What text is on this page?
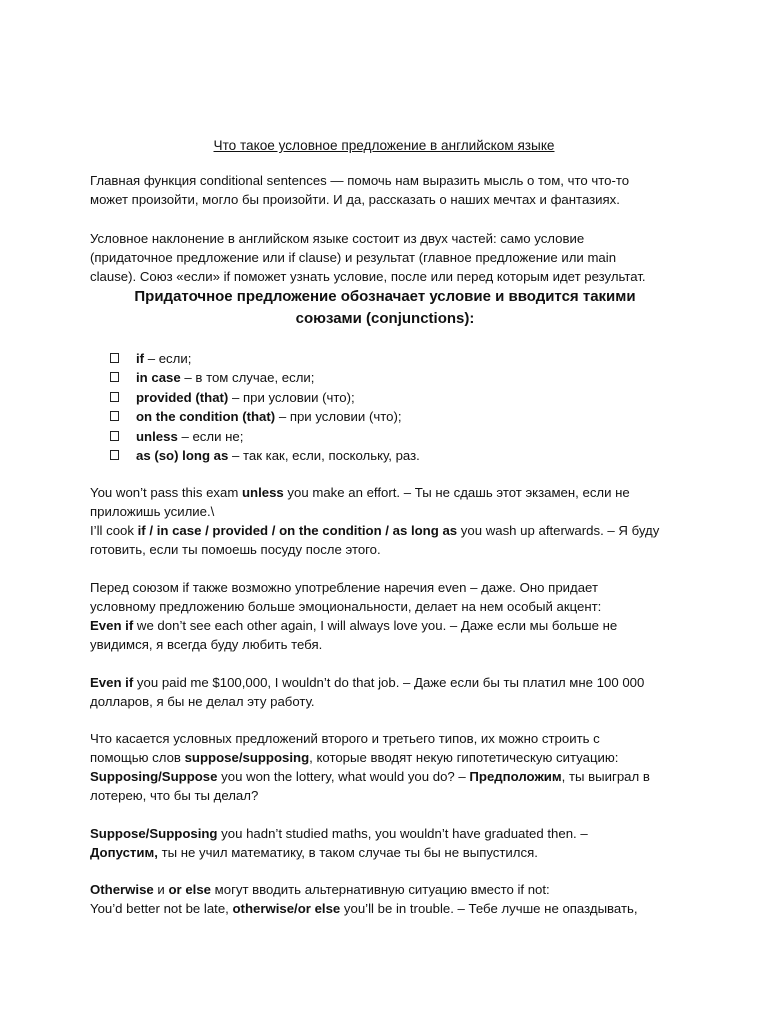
Что такое условное предложение в английском языке

Главная функция conditional sentences — помочь нам выразить мысль о том, что что-то
может произойти, могло бы произойти. И да, рассказать о наших мечтах и фантазиях.

Условное наклонение в английском языке состоит из двух частей: само условие
(придаточное предложение или if clause) и результат (главное предложение или main
clause). Союз «если» if поможет узнать условие, после или перед которым идет результат.

Придаточное предложение обозначает условие и вводится такими
союзами (conjunctions):

if – если;
in case – в том случае, если;
provided (that) – при условии (что);
on the condition (that) – при условии (что);
unless – если не;
as (so) long as – так как, если, поскольку, раз.

You won’t pass this exam unless you make an effort. – Ты не сдашь этот экзамен, если не
приложишь усилие.\
I’ll cook if / in case / provided / on the condition / as long as you wash up afterwards. – Я буду
готовить, если ты помоешь посуду после этого.

Перед союзом if также возможно употребление наречия even – даже. Оно придает
условному предложению больше эмоциональности, делает на нем особый акцент:
Even if we don’t see each other again, I will always love you. – Даже если мы больше не
увидимся, я всегда буду любить тебя.

Even if you paid me $100,000, I wouldn’t do that job. – Даже если бы ты платил мне 100 000
долларов, я бы не делал эту работу.

Что касается условных предложений второго и третьего типов, их можно строить с
помощью слов suppose/supposing, которые вводят некую гипотетическую ситуацию:
Supposing/Suppose you won the lottery, what would you do? – Предположим, ты выиграл в
лотерею, что бы ты делал?

Suppose/Supposing you hadn’t studied maths, you wouldn’t have graduated then. –
Допустим, ты не учил математику, в таком случае ты бы не выпустился.

Otherwise и or else могут вводить альтернативную ситуацию вместо if not:
You’d better not be late, otherwise/or else you’ll be in trouble. – Тебе лучше не опаздывать,
